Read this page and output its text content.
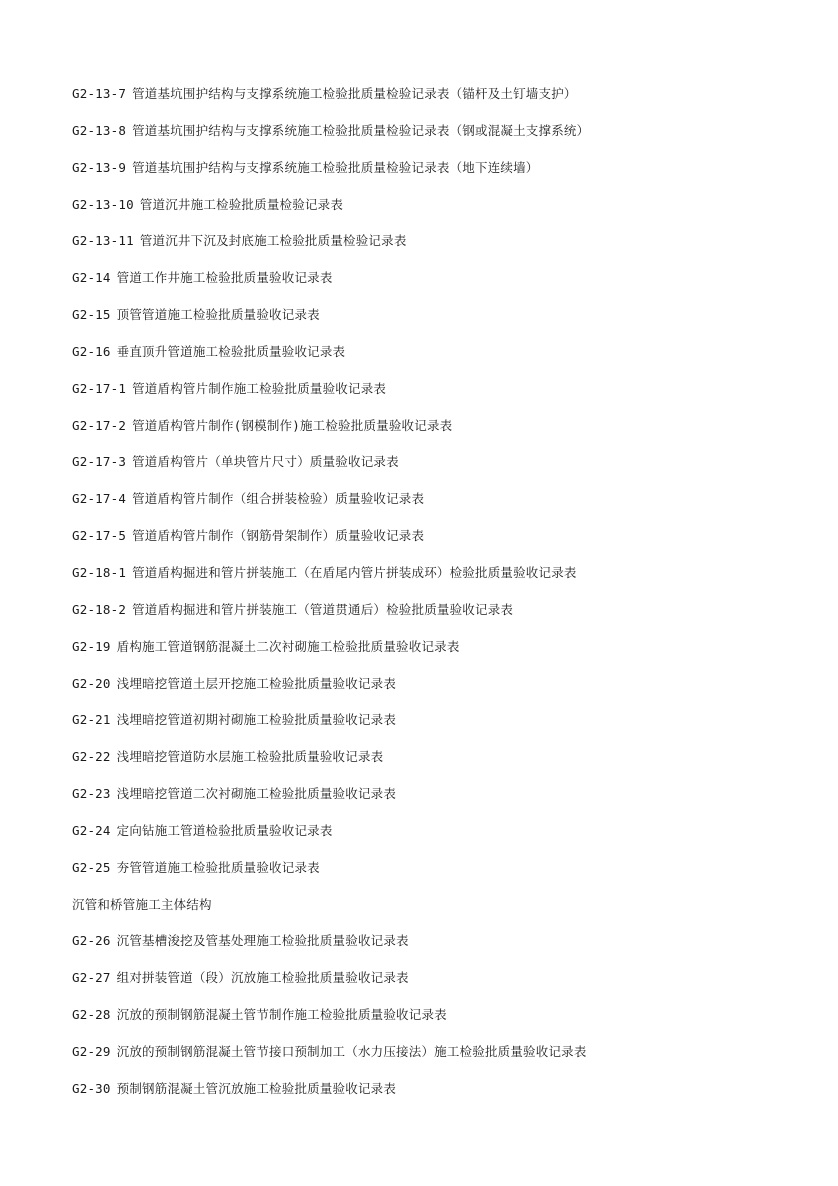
G2-13-7 管道基坑围护结构与支撑系统施工检验批质量检验记录表（锚杆及土钉墙支护）
G2-13-8 管道基坑围护结构与支撑系统施工检验批质量检验记录表（钢或混凝土支撑系统）
G2-13-9 管道基坑围护结构与支撑系统施工检验批质量检验记录表（地下连续墙）
G2-13-10 管道沉井施工检验批质量检验记录表
G2-13-11 管道沉井下沉及封底施工检验批质量检验记录表
G2-14 管道工作井施工检验批质量验收记录表
G2-15 顶管管道施工检验批质量验收记录表
G2-16 垂直顶升管道施工检验批质量验收记录表
G2-17-1 管道盾构管片制作施工检验批质量验收记录表
G2-17-2 管道盾构管片制作(钢模制作)施工检验批质量验收记录表
G2-17-3 管道盾构管片（单块管片尺寸）质量验收记录表
G2-17-4 管道盾构管片制作（组合拼装检验）质量验收记录表
G2-17-5 管道盾构管片制作（钢筋骨架制作）质量验收记录表
G2-18-1 管道盾构掘进和管片拼装施工（在盾尾内管片拼装成环）检验批质量验收记录表
G2-18-2 管道盾构掘进和管片拼装施工（管道贯通后）检验批质量验收记录表
G2-19 盾构施工管道钢筋混凝土二次衬砌施工检验批质量验收记录表
G2-20 浅埋暗挖管道土层开挖施工检验批质量验收记录表
G2-21 浅埋暗挖管道初期衬砌施工检验批质量验收记录表
G2-22 浅埋暗挖管道防水层施工检验批质量验收记录表
G2-23 浅埋暗挖管道二次衬砌施工检验批质量验收记录表
G2-24 定向钻施工管道检验批质量验收记录表
G2-25 夯管管道施工检验批质量验收记录表
沉管和桥管施工主体结构
G2-26 沉管基槽浚挖及管基处理施工检验批质量验收记录表
G2-27 组对拼装管道（段）沉放施工检验批质量验收记录表
G2-28 沉放的预制钢筋混凝土管节制作施工检验批质量验收记录表
G2-29 沉放的预制钢筋混凝土管节接口预制加工（水力压接法）施工检验批质量验收记录表
G2-30 预制钢筋混凝土管沉放施工检验批质量验收记录表
